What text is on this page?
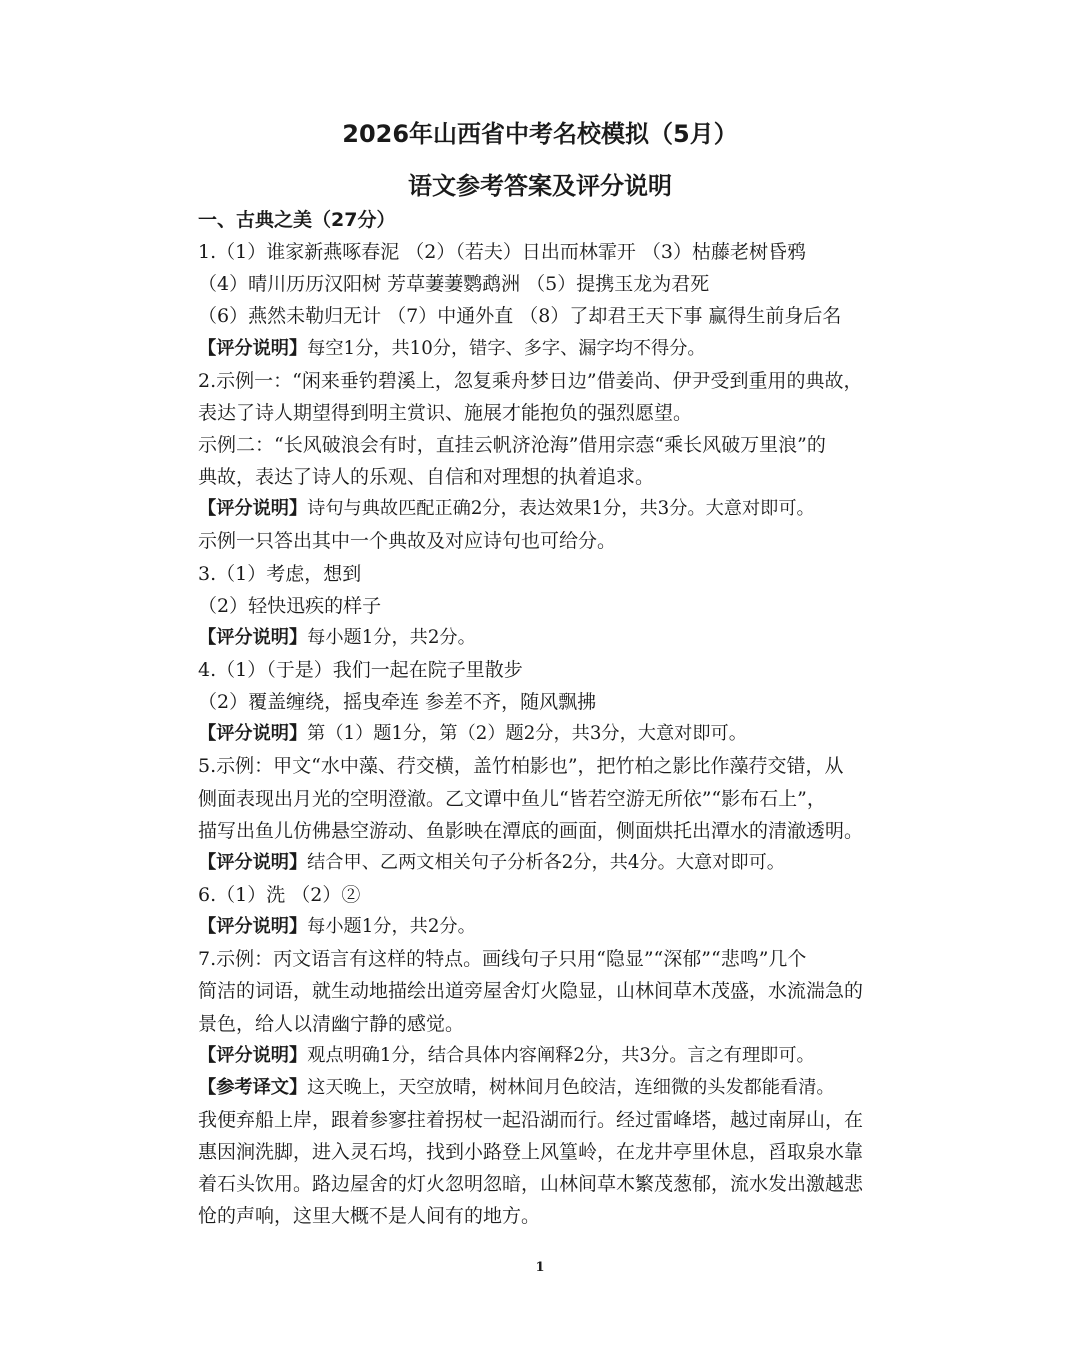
2026年山西省中考名校模拟（5月）
语文参考答案及评分说明
一、古典之美（27分）
1.（1）谁家新燕啄春泥 （2）（若夫）日出而林霏开 （3）枯藤老树昏鸦
（4）晴川历历汉阳树 芳草萋萋鹦鹉洲 （5）提携玉龙为君死
（6）燕然未勒归无计 （7）中通外直 （8）了却君王天下事 赢得生前身后名
【评分说明】每空1分，共10分，错字、多字、漏字均不得分。
2.示例一：“闲来垂钓碧溪上，忽复乘舟梦日边”借姜尚、伊尹受到重用的典故，
表达了诗人期望得到明主赏识、施展才能抱负的强烈愿望。
示例二：“长风破浪会有时，直挂云帆济沧海”借用宗悫“乘长风破万里浪”的
典故，表达了诗人的乐观、自信和对理想的执着追求。
【评分说明】诗句与典故匹配正确2分，表达效果1分，共3分。大意对即可。
示例一只答出其中一个典故及对应诗句也可给分。
3.（1）考虑，想到
（2）轻快迅疾的样子
【评分说明】每小题1分，共2分。
4.（1）（于是）我们一起在院子里散步
（2）覆盖缠绕，摇曳牵连 参差不齐，随风飘拂
【评分说明】第（1）题1分，第（2）题2分，共3分，大意对即可。
5.示例：甲文“水中藻、荇交横，盖竹柏影也”，把竹柏之影比作藻荇交错，从
侧面表现出月光的空明澄澈。乙文谭中鱼儿“皆若空游无所依”“影布石上”，
描写出鱼儿仿佛悬空游动、鱼影映在潭底的画面，侧面烘托出潭水的清澈透明。
【评分说明】结合甲、乙两文相关句子分析各2分，共4分。大意对即可。
6.（1）洗 （2）②
【评分说明】每小题1分，共2分。
7.示例：丙文语言有这样的特点。画线句子只用“隐显”“深郁”“悲鸣”几个
简洁的词语，就生动地描绘出道旁屋舍灯火隐显，山林间草木茂盛，水流湍急的
景色，给人以清幽宁静的感觉。
【评分说明】观点明确1分，结合具体内容阐释2分，共3分。言之有理即可。
【参考译文】这天晚上，天空放晴，树林间月色皎洁，连细微的头发都能看清。
我便弃船上岸，跟着参寥拄着拐杖一起沿湖而行。经过雷峰塔，越过南屏山，在
惠因涧洗脚，进入灵石坞，找到小路登上风篁岭，在龙井亭里休息，舀取泉水靠
着石头饮用。路边屋舍的灯火忽明忽暗，山林间草木繁茂葱郁，流水发出激越悲
怆的声响，这里大概不是人间有的地方。
1
